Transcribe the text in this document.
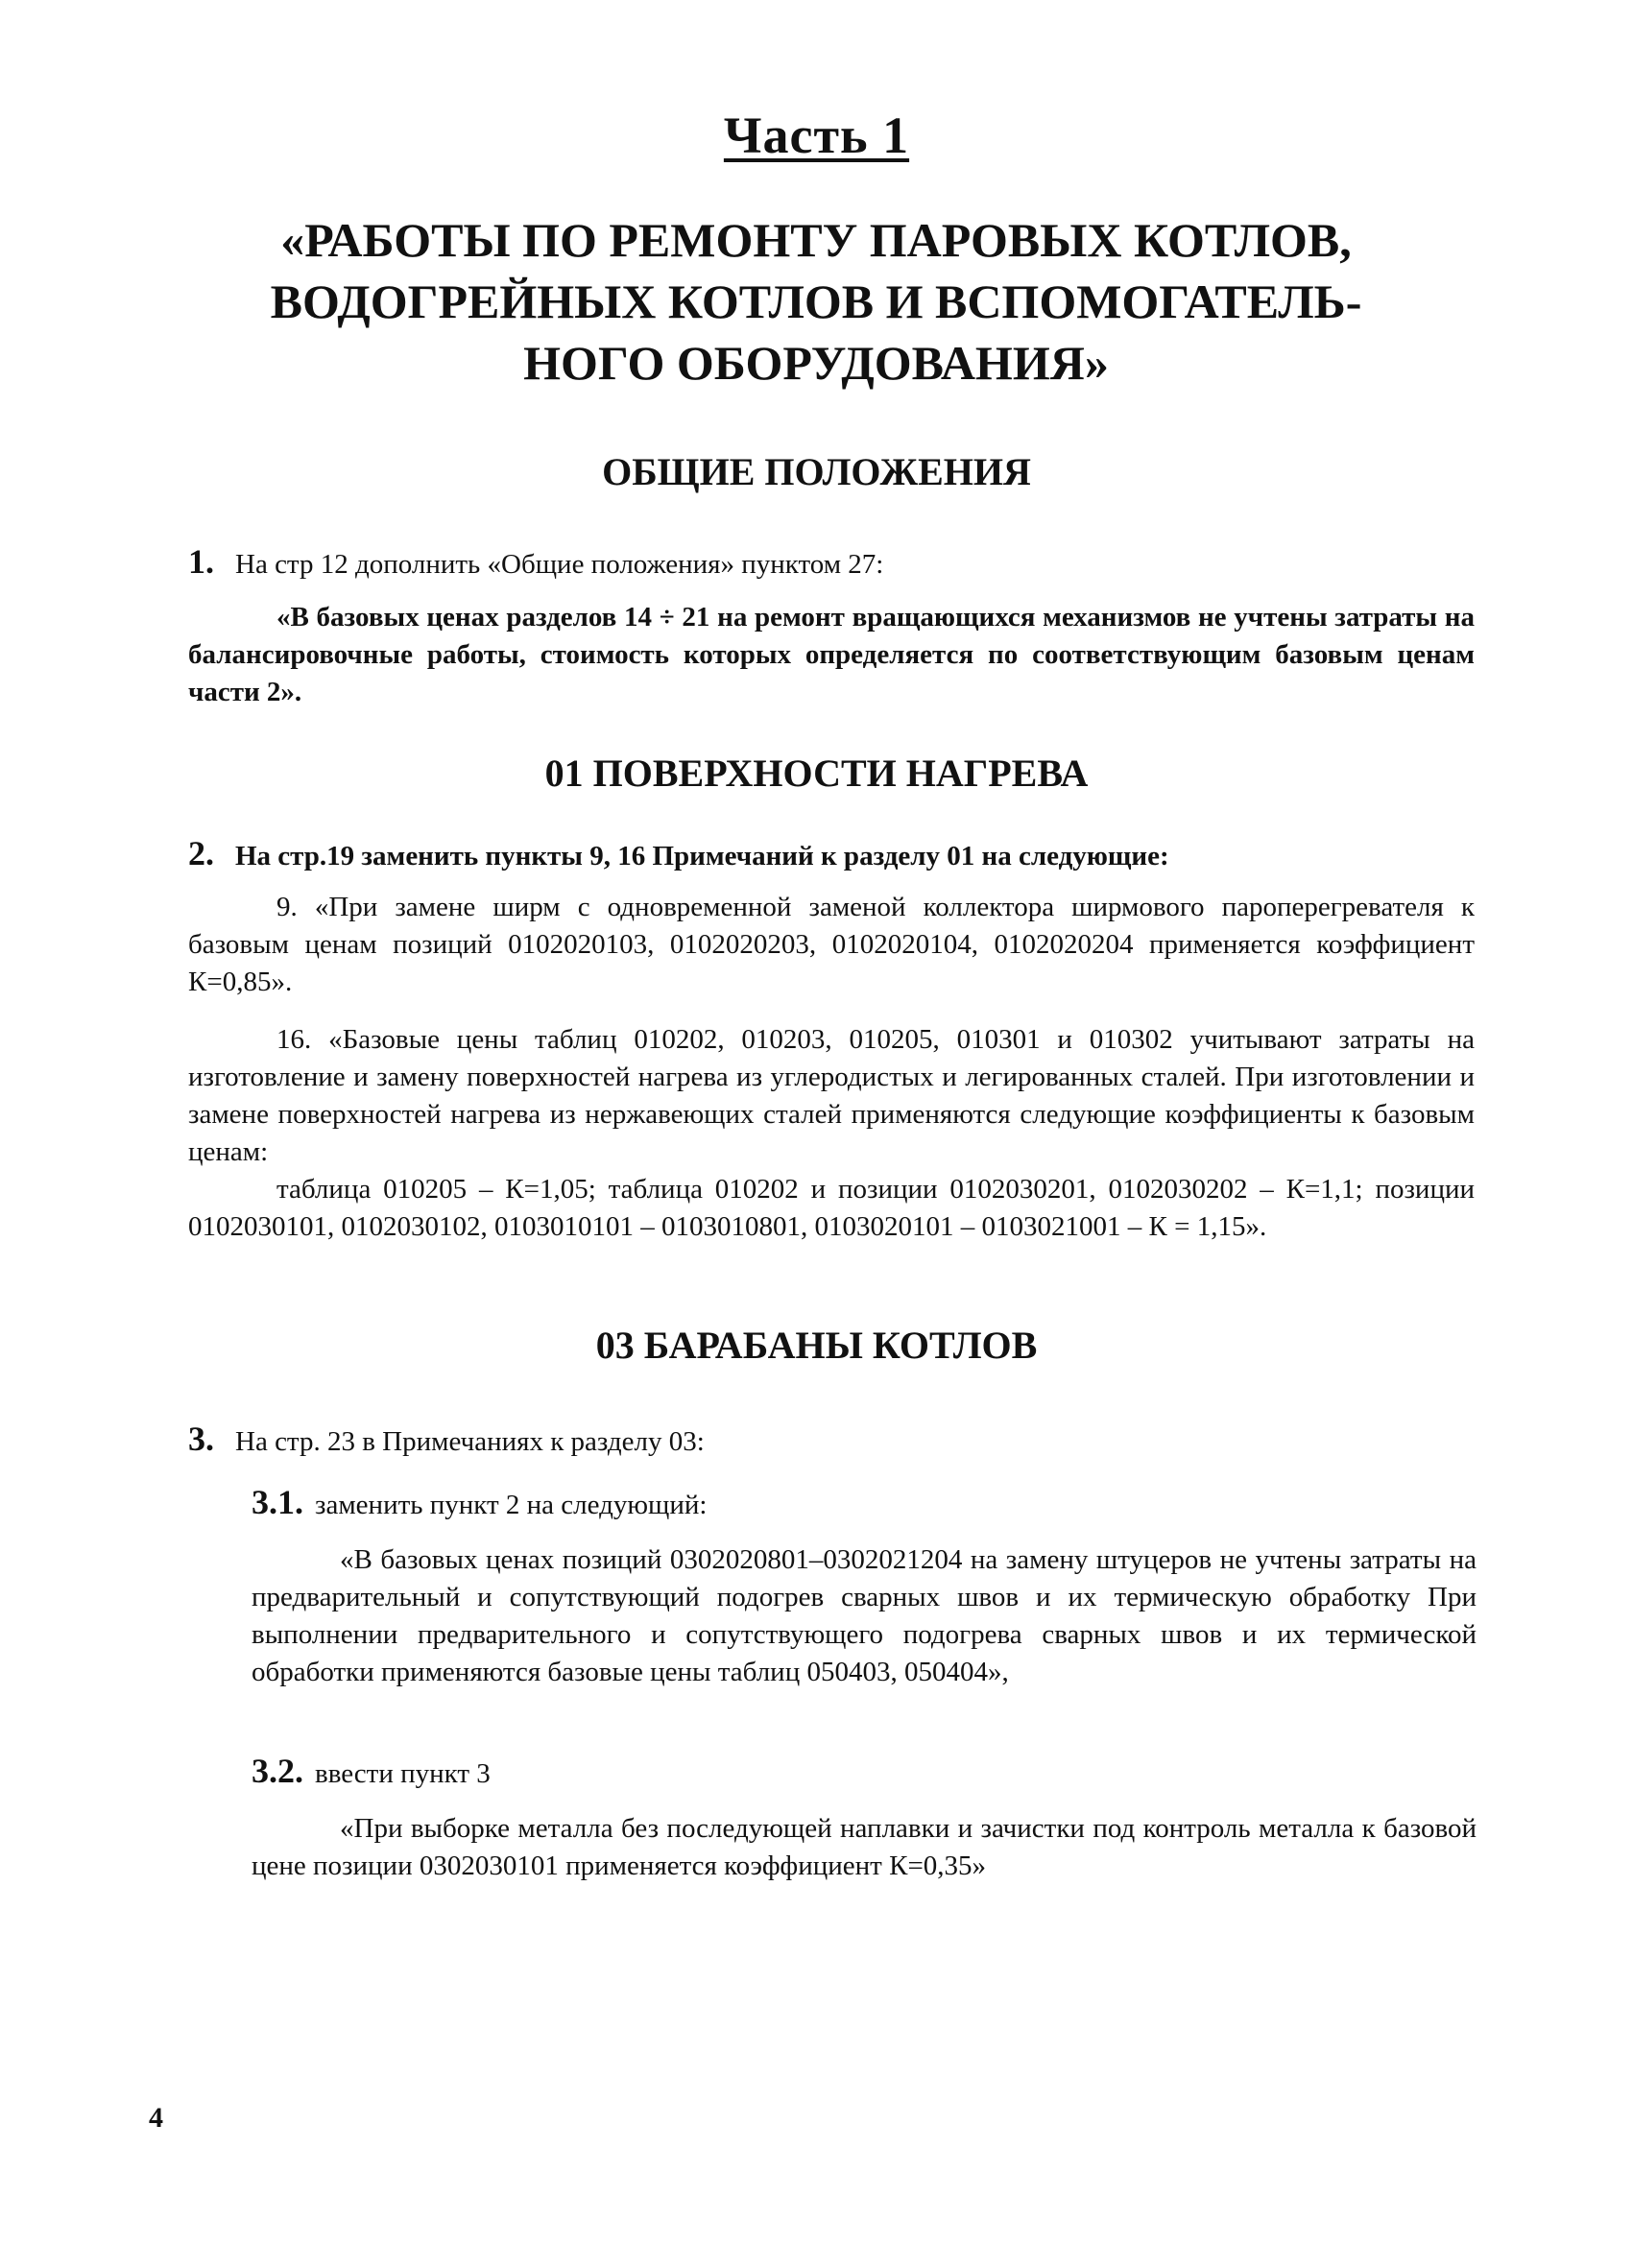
Часть 1
«РАБОТЫ ПО РЕМОНТУ ПАРОВЫХ КОТЛОВ,
ВОДОГРЕЙНЫХ КОТЛОВ И ВСПОМОГАТЕЛЬ-
НОГО ОБОРУДОВАНИЯ»
ОБЩИЕ ПОЛОЖЕНИЯ
1. На стр 12 дополнить «Общие положения» пунктом 27:
«В базовых ценах разделов 14 ÷ 21 на ремонт вращающихся механизмов не учтены затраты на балансировочные работы, стоимость которых определяется по соответствующим базовым ценам части 2».
01 ПОВЕРХНОСТИ НАГРЕВА
2. На стр.19 заменить пункты 9, 16 Примечаний к разделу 01 на следующие:
9. «При замене ширм с одновременной заменой коллектора ширмового пароперегревателя к базовым ценам позиций 0102020103, 0102020203, 0102020104, 0102020204 применяется коэффициент К=0,85».
16. «Базовые цены таблиц 010202, 010203, 010205, 010301 и 010302 учитывают затраты на изготовление и замену поверхностей нагрева из углеродистых и легированных сталей. При изготовлении и замене поверхностей нагрева из нержавеющих сталей применяются следующие коэффициенты к базовым ценам:
таблица 010205 – К=1,05; таблица 010202 и позиции 0102030201, 0102030202 – К=1,1; позиции 0102030101, 0102030102, 0103010101 – 0103010801, 0103020101 – 0103021001 – К = 1,15».
03 БАРАБАНЫ КОТЛОВ
3. На стр. 23 в Примечаниях к разделу 03:
3.1. заменить пункт 2 на следующий:
«В базовых ценах позиций 0302020801–0302021204 на замену штуцеров не учтены затраты на предварительный и сопутствующий подогрев сварных швов и их термическую обработку При выполнении предварительного и сопутствующего подогрева сварных швов и их термической обработки применяются базовые цены таблиц 050403, 050404»,
3.2. ввести пункт 3
«При выборке металла без последующей наплавки и зачистки под контроль металла к базовой цене позиции 0302030101 применяется коэффициент К=0,35»
4
